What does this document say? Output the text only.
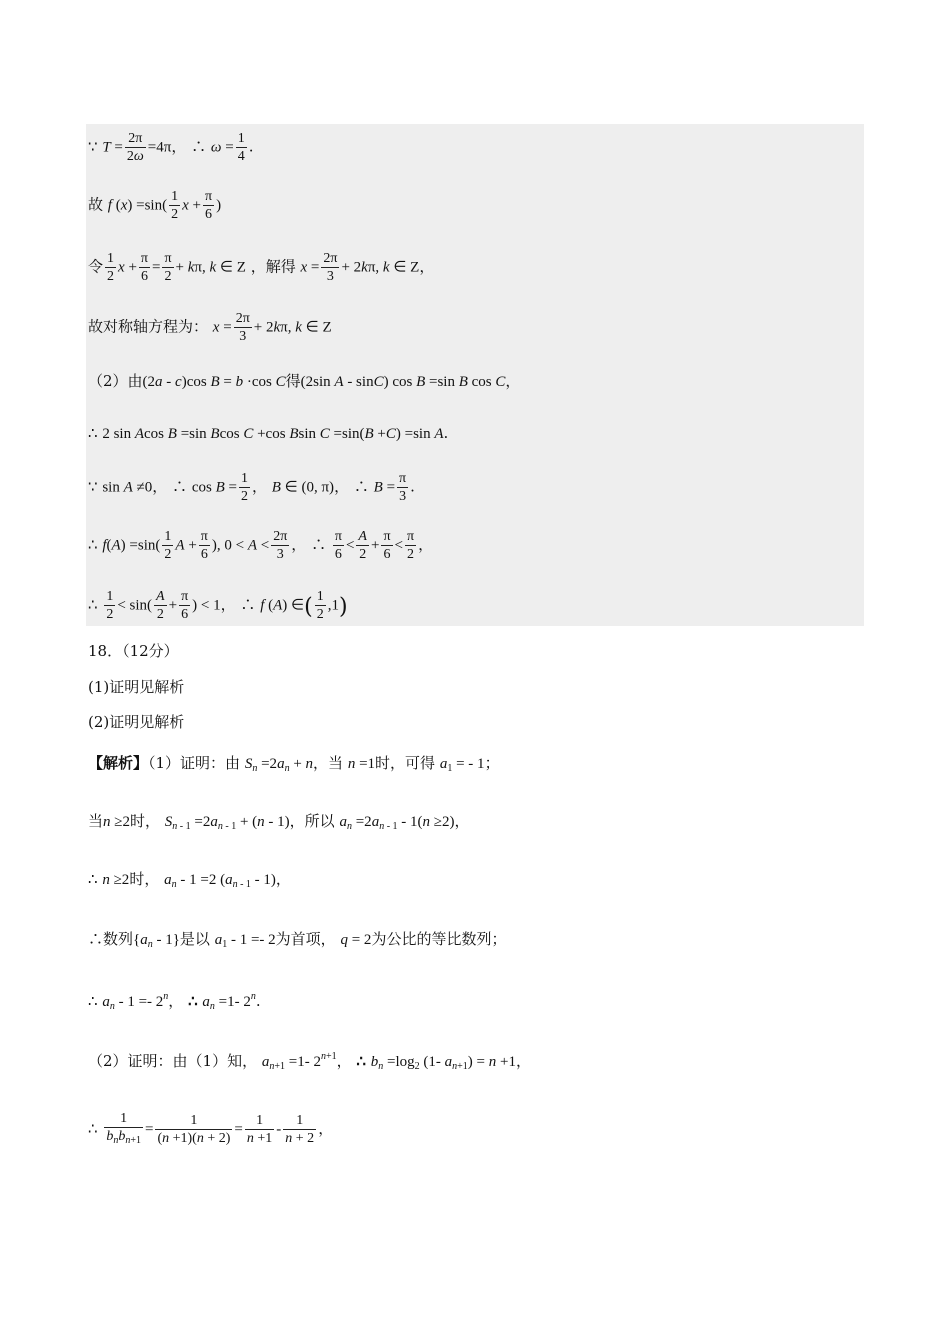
∵ $T = \frac{2\pi}{2\omega} =4\pi$， ∴ $\omega = \frac{1}{4}$ .
故 f $(x) =\sin( \frac{1}{2}$ $x + \frac{\pi}{6}$ )
令 $\frac{1}{2}$ $x + \frac{\pi}{6} = \frac{\pi}{2} + k\pi$, k ∈ Z ，解得 $x = \frac{2\pi}{3} + 2k\pi$, k ∈ Z，
故对称轴方程为： $x = \frac{2\pi}{3} + 2k\pi$, k ∈ Z
（2）由(2a - c)cos B = b ·cos C得(2sin A - sinC) cos B =sin B cos C，
∴ 2 sin Acos B =sin Bcos C +cos Bsin C =sin(B +C) =sin A.
∵ sin A ≠0， ∴ $\cos B = \frac{1}{2}$ ， B ∈ (0, π)， ∴ $B = \frac{\pi}{3}$ .
∴ $f(A) =\sin( \frac{1}{2}$ $A + \frac{\pi}{6}$ ), $0 < A < \frac{2\pi}{3}$ ， ∴ $\frac{\pi}{6} < \frac{A}{2} + \frac{\pi}{6} < \frac{\pi}{2}$ ，
∴ $\frac{1}{2} < \sin( \frac{A}{2} + \frac{\pi}{6}$ ) < 1， ∴ f (A) ∈( $\frac{1}{2} ,1$)
18．（12分）
(1)证明见解析
(2)证明见解析
【解析】（1）证明：由 $S_n =2a_n + n$，当 n =1时，可得 $a_1$ = - 1；
当n ≥2时， $S_{n - 1} =2a_{n - 1} + (n - 1)$，所以 $a_n =2a_{n - 1} - 1(n \ge 2)$，
∴ n ≥2时， $a_n - 1 =2$ $(a_{n - 1} - 1)$，
∴数列$\{a_n - 1\}$是以 $a_1 - 1 =- 2$为首项， q = 2为公比的等比数列；
∴ $a_n - 1 =- 2^n$， ∴ $a_n =1-$ 2$^n$.
（2）证明：由（1）知， $a_{n+1} =1-$ $2^{n+1}$， ∴ $b_n =\log_2$ (1- $a_{n+1}) = n +1$，
∴ $\frac{1}{b_nb_{n+1}} = \frac{1}{(n +1)(n + 2)} = \frac{1}{n +1} - \frac{1}{n + 2}$ ，
